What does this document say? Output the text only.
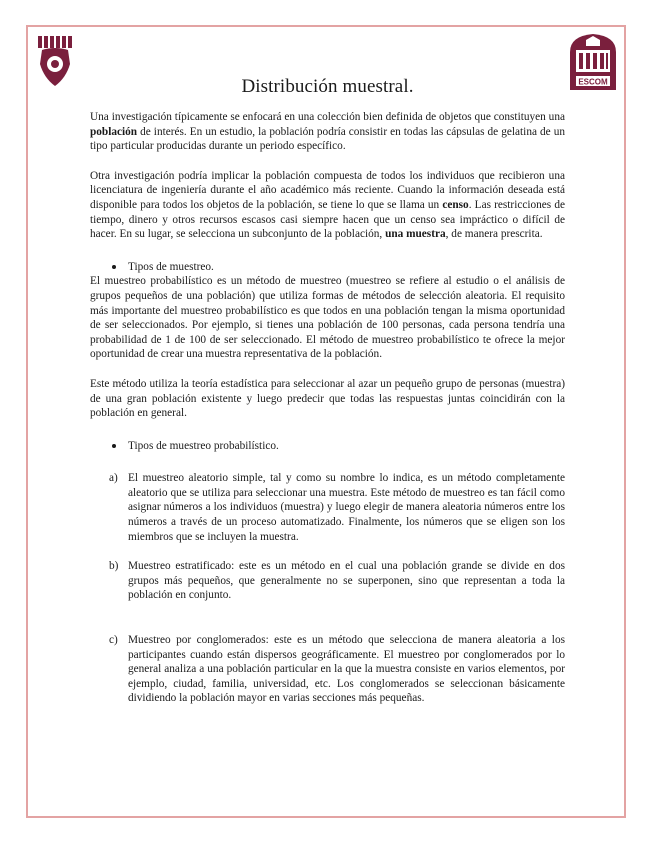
ESCOM
Distribución muestral.

Una investigación típicamente se enfocará en una colección bien definida de objetos que constituyen una población de interés. En un estudio, la población podría consistir en todas las cápsulas de gelatina de un tipo particular producidas durante un periodo específico.

Otra investigación podría implicar la población compuesta de todos los individuos que recibieron una licenciatura de ingeniería durante el año académico más reciente. Cuando la información deseada está disponible para todos los objetos de la población, se tiene lo que se llama un censo. Las restricciones de tiempo, dinero y otros recursos escasos casi siempre hacen que un censo sea impráctico o difícil de hacer. En su lugar, se selecciona un subconjunto de la población, una muestra, de manera prescrita.

Tipos de muestreo.

El muestreo probabilístico es un método de muestreo (muestreo se refiere al estudio o el análisis de grupos pequeños de una población) que utiliza formas de métodos de selección aleatoria. El requisito más importante del muestreo probabilístico es que todos en una población tengan la misma oportunidad de ser seleccionados. Por ejemplo, si tienes una población de 100 personas, cada persona tendría una probabilidad de 1 de 100 de ser seleccionado. El método de muestreo probabilístico te ofrece la mejor oportunidad de crear una muestra representativa de la población.

Este método utiliza la teoría estadística para seleccionar al azar un pequeño grupo de personas (muestra) de una gran población existente y luego predecir que todas las respuestas juntas coincidirán con la población en general.

Tipos de muestreo probabilístico.

a) El muestreo aleatorio simple, tal y como su nombre lo indica, es un método completamente aleatorio que se utiliza para seleccionar una muestra. Este método de muestreo es tan fácil como asignar números a los individuos (muestra) y luego elegir de manera aleatoria números entre los números a través de un proceso automatizado. Finalmente, los números que se eligen son los miembros que se incluyen la muestra.
b) Muestreo estratificado: este es un método en el cual una población grande se divide en dos grupos más pequeños, que generalmente no se superponen, sino que representan a toda la población en conjunto.
c) Muestreo por conglomerados: este es un método que selecciona de manera aleatoria a los participantes cuando están dispersos geográficamente. El muestreo por conglomerados por lo general analiza a una población particular en la que la muestra consiste en varios elementos, por ejemplo, ciudad, familia, universidad, etc. Los conglomerados se seleccionan básicamente dividiendo la población mayor en varias secciones más pequeñas.
